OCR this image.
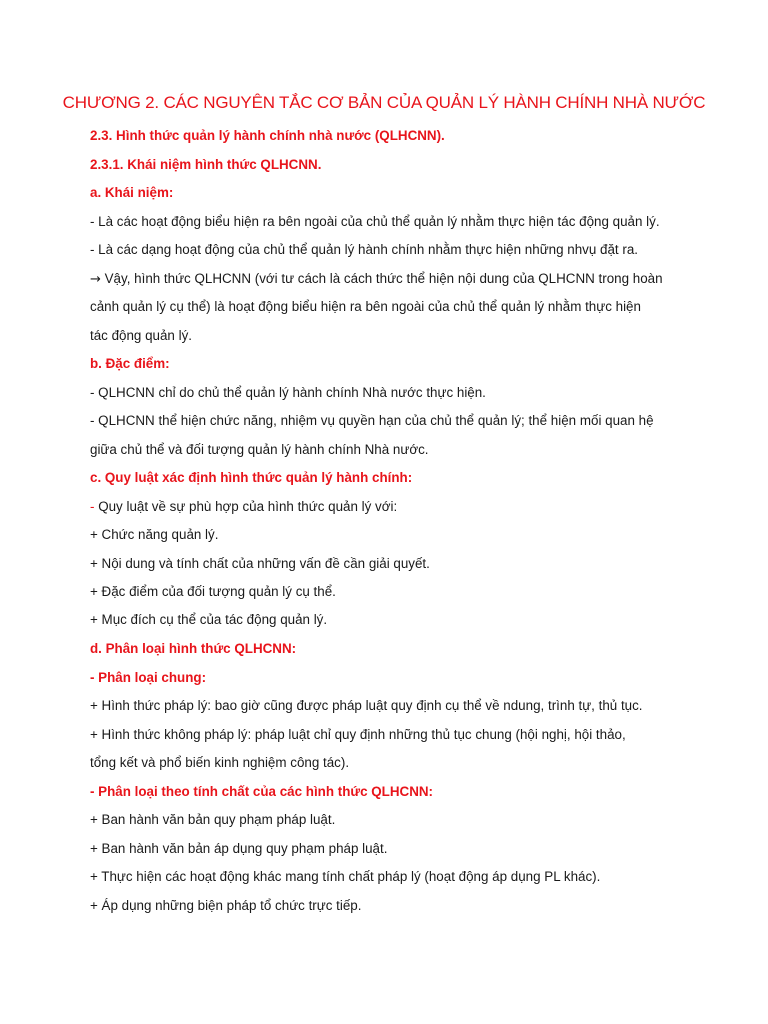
CHƯƠNG 2. CÁC NGUYÊN TẮC CƠ BẢN CỦA QUẢN LÝ HÀNH CHÍNH NHÀ NƯỚC
2.3. Hình thức quản lý hành chính nhà nước (QLHCNN).
2.3.1. Khái niệm hình thức QLHCNN.
a. Khái niệm:
- Là các hoạt động biểu hiện ra bên ngoài của chủ thể quản lý nhằm thực hiện tác động quản lý.
- Là các dạng hoạt động của chủ thể quản lý hành chính nhằm thực hiện những nhvụ đặt ra.
→ Vậy, hình thức QLHCNN (với tư cách là cách thức thể hiện nội dung của QLHCNN trong hoàn
cảnh quản lý cụ thể) là hoạt động biểu hiện ra bên ngoài của chủ thể quản lý nhằm thực hiện
tác động quản lý.
b. Đặc điểm:
- QLHCNN chỉ do chủ thể quản lý hành chính Nhà nước thực hiện.
- QLHCNN thể hiện chức năng, nhiệm vụ quyền hạn của chủ thể quản lý; thể hiện mối quan hệ
giữa chủ thể và đối tượng quản lý hành chính Nhà nước.
c. Quy luật xác định hình thức quản lý hành chính:
- Quy luật về sự phù hợp của hình thức quản lý với:
+ Chức năng quản lý.
+ Nội dung và tính chất của những vấn đề cần giải quyết.
+ Đặc điểm của đối tượng quản lý cụ thể.
+ Mục đích cụ thể của tác động quản lý.
d. Phân loại hình thức QLHCNN:
- Phân loại chung:
+ Hình thức pháp lý: bao giờ cũng được pháp luật quy định cụ thể về ndung, trình tự, thủ tục.
+ Hình thức không pháp lý: pháp luật chỉ quy định những thủ tục chung (hội nghị, hội thảo,
tổng kết và phổ biến kinh nghiệm công tác).
- Phân loại theo tính chất của các hình thức QLHCNN:
+ Ban hành văn bản quy phạm pháp luật.
+ Ban hành văn bản áp dụng quy phạm pháp luật.
+ Thực hiện các hoạt động khác mang tính chất pháp lý (hoạt động áp dụng PL khác).
+ Áp dụng những biện pháp tổ chức trực tiếp.
